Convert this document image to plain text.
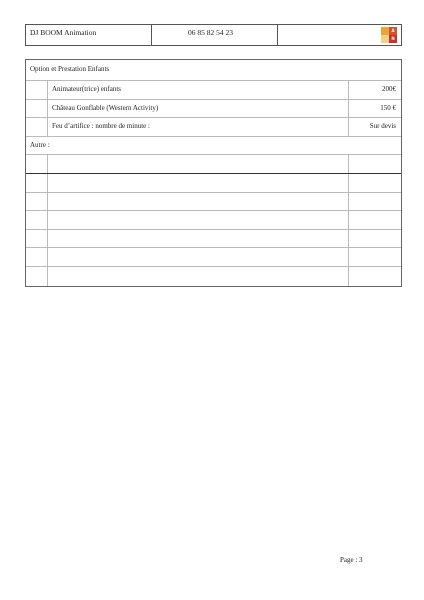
DJ BOOM Animation	06 85 82 54 23	A
N
Option et Prestation Enfants
Animateur(trice) enfants	200€
Château Gonflable (Western Activity)	150 €
Feu d’artifice : nombre de minute :	Sur devis
Autre :
Page : 3
